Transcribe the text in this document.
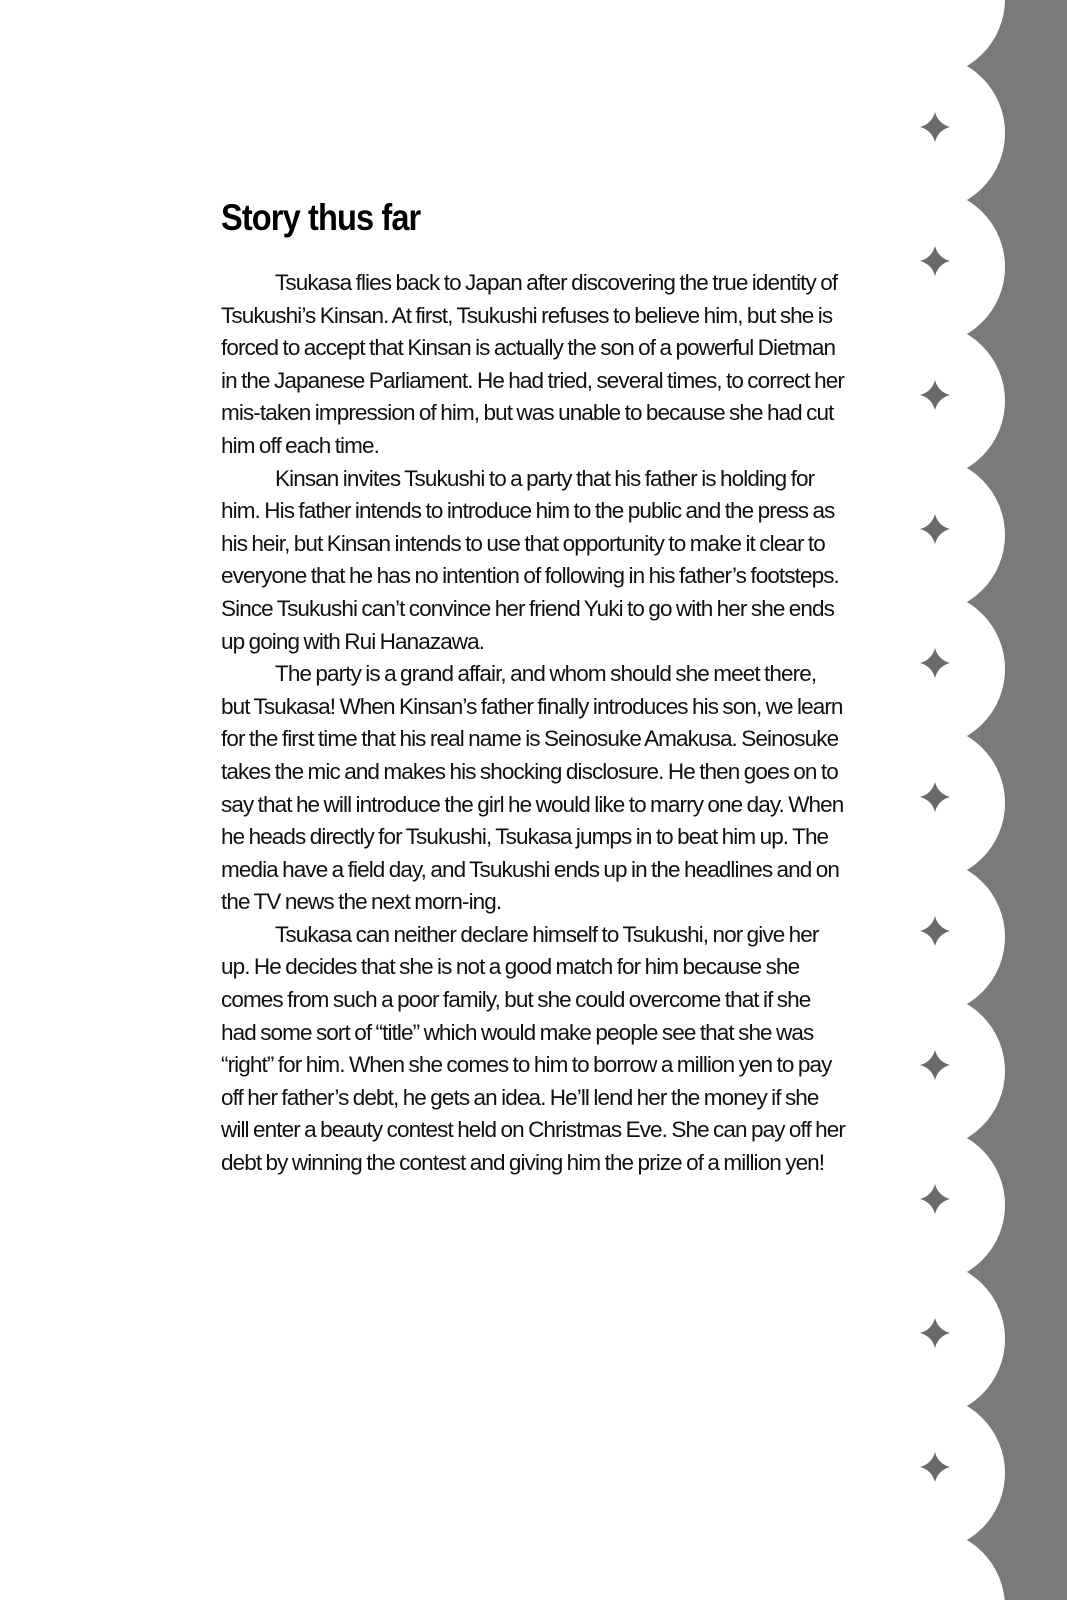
Story thus far

Tsukasa flies back to Japan after discovering the true identity of Tsukushi’s Kinsan. At first, Tsukushi refuses to believe him, but she is forced to accept that Kinsan is actually the son of a powerful Dietman in the Japanese Parliament. He had tried, several times, to correct her mis-taken impression of him, but was unable to because she had cut him off each time.

Kinsan invites Tsukushi to a party that his father is holding for him. His father intends to introduce him to the public and the press as his heir, but Kinsan intends to use that opportunity to make it clear to everyone that he has no intention of following in his father’s footsteps. Since Tsukushi can’t convince her friend Yuki to go with her she ends up going with Rui Hanazawa.

The party is a grand affair, and whom should she meet there, but Tsukasa! When Kinsan’s father finally introduces his son, we learn for the first time that his real name is Seinosuke Amakusa. Seinosuke takes the mic and makes his shocking disclosure. He then goes on to say that he will introduce the girl he would like to marry one day. When he heads directly for Tsukushi, Tsukasa jumps in to beat him up. The media have a field day, and Tsukushi ends up in the headlines and on the TV news the next morn-ing.

Tsukasa can neither declare himself to Tsukushi, nor give her up. He decides that she is not a good match for him because she comes from such a poor family, but she could overcome that if she had some sort of “title” which would make people see that she was “right” for him. When she comes to him to borrow a million yen to pay off her father’s debt, he gets an idea. He’ll lend her the money if she will enter a beauty contest held on Christmas Eve. She can pay off her debt by winning the contest and giving him the prize of a million yen!
